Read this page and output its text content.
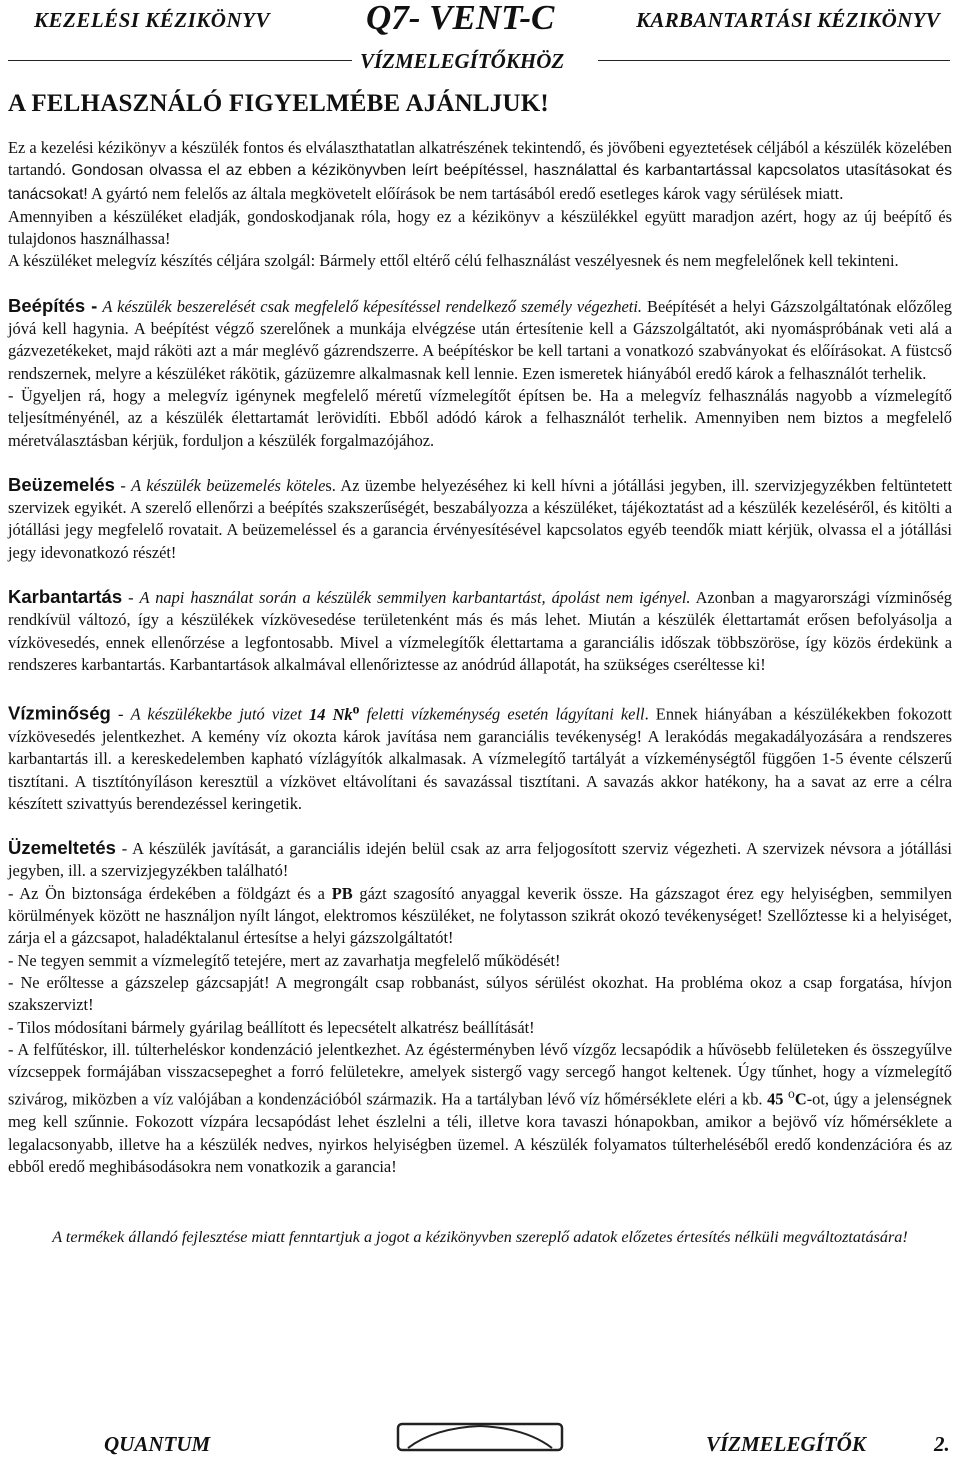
KEZELÉSI KÉZIKÖNYV	Q7- VENT-C	KARBANTARTÁSI KÉZIKÖNYV
VÍZMELEGÍTŐKHÖZ

A FELHASZNÁLÓ FIGYELMÉBE AJÁNLJUK!

Ez a kezelési kézikönyv a készülék fontos és elválaszthatatlan alkatrészének tekintendő, és jövőbeni egyeztetések céljából a készülék közelében tartandó. Gondosan olvassa el az ebben a kézikönyvben leírt beépítéssel, használattal és karbantartással kapcsolatos utasításokat és tanácsokat! A gyártó nem felelős az általa megkövetelt előírások be nem tartásából eredő esetleges károk vagy sérülések miatt.

Amennyiben a készüléket eladják, gondoskodjanak róla, hogy ez a kézikönyv a készülékkel együtt maradjon azért, hogy az új beépítő és tulajdonos használhassa!

A készüléket melegvíz készítés céljára szolgál: Bármely ettől eltérő célú felhasználást veszélyesnek és nem megfelelőnek kell tekinteni.

Beépítés - A készülék beszerelését csak megfelelő képesítéssel rendelkező személy végezheti. Beépítését a helyi Gázszolgáltatónak előzőleg jóvá kell hagynia. A beépítést végző szerelőnek a munkája elvégzése után értesítenie kell a Gázszolgáltatót, aki nyomáspróbának veti alá a gázvezetékeket, majd ráköti azt a már meglévő gázrendszerre. A beépítéskor be kell tartani a vonatkozó szabványokat és előírásokat. A füstcső rendszernek, melyre a készüléket rákötik, gázüzemre alkalmasnak kell lennie. Ezen ismeretek hiányából eredő károk a felhasználót terhelik.

- Ügyeljen rá, hogy a melegvíz igénynek megfelelő méretű vízmelegítőt építsen be. Ha a melegvíz felhasználás nagyobb a vízmelegítő teljesítményénél, az a készülék élettartamát lerövidíti. Ebből adódó károk a felhasználót terhelik. Amennyiben nem biztos a megfelelő méretválasztásban kérjük, forduljon a készülék forgalmazójához.

Beüzemelés - A készülék beüzemelés köteles. Az üzembe helyezéséhez ki kell hívni a jótállási jegyben, ill. szervizjegyzékben feltüntetett szervizek egyikét. A szerelő ellenőrzi a beépítés szakszerűségét, beszabályozza a készüléket, tájékoztatást ad a készülék kezeléséről, és kitölti a jótállási jegy megfelelő rovatait. A beüzemeléssel és a garancia érvényesítésével kapcsolatos egyéb teendők miatt kérjük, olvassa el a jótállási jegy idevonatkozó részét!

Karbantartás - A napi használat során a készülék semmilyen karbantartást, ápolást nem igényel. Azonban a magyarországi vízminőség rendkívül változó, így a készülékek vízkövesedése területenként más és más lehet. Miután a készülék élettartamát erősen befolyásolja a vízkövesedés, ennek ellenőrzése a legfontosabb. Mivel a vízmelegítők élettartama a garanciális időszak többszöröse, így közös érdekünk a rendszeres karbantartás. Karbantartások alkalmával ellenőriztesse az anódrúd állapotát, ha szükséges cseréltesse ki!

Vízminőség - A készülékekbe jutó vizet 14 Nk$^o$ feletti vízkeménység esetén lágyítani kell. Ennek hiányában a készülékekben fokozott vízkövesedés jelentkezhet. A kemény víz okozta károk javítása nem garanciális tevékenység! A lerakódás megakadályozására a rendszeres karbantartás ill. a kereskedelemben kapható vízlágyítók alkalmasak. A vízmelegítő tartályát a vízkeménységtől függően 1-5 évente célszerű tisztítani. A tisztítónyíláson keresztül a vízkövet eltávolítani és savazással tisztítani. A savazás akkor hatékony, ha a savat az erre a célra készített szivattyús berendezéssel keringetik.

Üzemeltetés - A készülék javítását, a garanciális idején belül csak az arra feljogosított szerviz végezheti. A szervizek névsora a jótállási jegyben, ill. a szervizjegyzékben található!

- Az Ön biztonsága érdekében a földgázt és a PB gázt szagosító anyaggal keverik össze. Ha gázszagot érez egy helyiségben, semmilyen körülmények között ne használjon nyílt lángot, elektromos készüléket, ne folytasson szikrát okozó tevékenységet! Szellőztesse ki a helyiséget, zárja el a gázcsapot, haladéktalanul értesítse a helyi gázszolgáltatót!

- Ne tegyen semmit a vízmelegítő tetejére, mert az zavarhatja megfelelő működését!

- Ne erőltesse a gázszelep gázcsapját! A megrongált csap robbanást, súlyos sérülést okozhat. Ha probléma okoz a csap forgatása, hívjon szakszervizt!

- Tilos módosítani bármely gyárilag beállított és lepecsételt alkatrész beállítását!

- A felfűtéskor, ill. túlterheléskor kondenzáció jelentkezhet. Az égésterményben lévő vízgőz lecsapódik a hűvösebb felületeken és összegyűlve vízcseppek formájában visszacsepeghet a forró felületekre, amelyek sistergő vagy sercegő hangot keltenek. Úgy tűnhet, hogy a vízmelegítő szivárog, miközben a víz valójában a kondenzációból származik. Ha a tartályban lévő víz hőmérséklete eléri a kb. 45 $^o$C-ot, úgy a jelenségnek meg kell szűnnie. Fokozott vízpára lecsapódást lehet észlelni a téli, illetve kora tavaszi hónapokban, amikor a bejövő víz hőmérséklete a legalacsonyabb, illetve ha a készülék nedves, nyirkos helyiségben üzemel. A készülék folyamatos túlterheléséből eredő kondenzációra és az ebből eredő meghibásodásokra nem vonatkozik a garancia!

A termékek állandó fejlesztése miatt fenntartjuk a jogot a kézikönyvben szereplő adatok előzetes értesítés nélküli megváltoztatására!

QUANTUM	VÍZMELEGÍTŐK	2.
